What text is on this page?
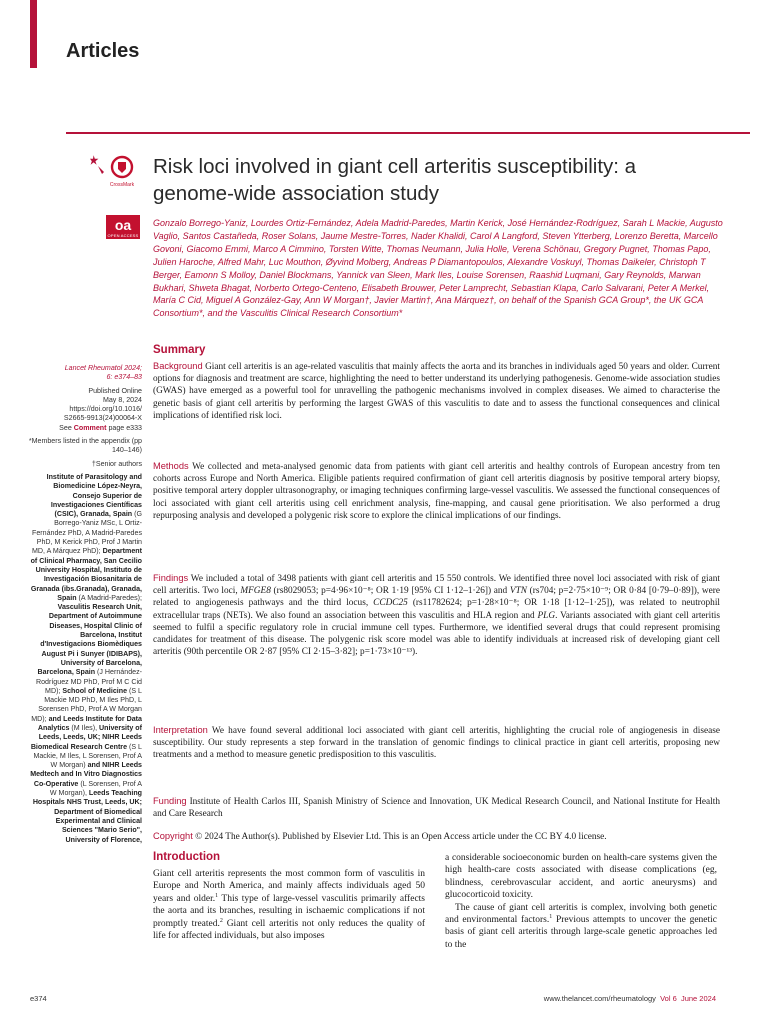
Articles
CrossMark
oa
OPEN ACCESS
Risk loci involved in giant cell arteritis susceptibility: a genome-wide association study
Gonzalo Borrego-Yaniz, Lourdes Ortiz-Fernández, Adela Madrid-Paredes, Martin Kerick, José Hernández-Rodríguez, Sarah L Mackie, Augusto Vaglio, Santos Castañeda, Roser Solans, Jaume Mestre-Torres, Nader Khalidi, Carol A Langford, Steven Ytterberg, Lorenzo Beretta, Marcello Govoni, Giacomo Emmi, Marco A Cimmino, Torsten Witte, Thomas Neumann, Julia Holle, Verena Schönau, Gregory Pugnet, Thomas Papo, Julien Haroche, Alfred Mahr, Luc Mouthon, Øyvind Molberg, Andreas P Diamantopoulos, Alexandre Voskuyl, Thomas Daikeler, Christoph T Berger, Eamonn S Molloy, Daniel Blockmans, Yannick van Sleen, Mark Iles, Louise Sorensen, Raashid Luqmani, Gary Reynolds, Marwan Bukhari, Shweta Bhagat, Norberto Ortego-Centeno, Elisabeth Brouwer, Peter Lamprecht, Sebastian Klapa, Carlo Salvarani, Peter A Merkel, María C Cid, Miguel A González-Gay, Ann W Morgan†, Javier Martin†, Ana Márquez†, on behalf of the Spanish GCA Group*, the UK GCA Consortium*, and the Vasculitis Clinical Research Consortium*
Summary

Lancet Rheumatol 2024;
6: e374–83

Published Online
May 8, 2024
https://doi.org/10.1016/
S2665-9913(24)00064-X
See Comment page e333

*Members listed in the appendix (pp 140–146)

†Senior authors

Institute of Parasitology and Biomedicine López-Neyra, Consejo Superior de Investigaciones Científicas (CSIC), Granada, Spain (G Borrego-Yaniz MSc, L Ortiz-Fernández PhD, A Madrid-Paredes PhD, M Kerick PhD, Prof J Martin MD, A Márquez PhD); Department of Clinical Pharmacy, San Cecilio University Hospital, Instituto de Investigación Biosanitaria de Granada (ibs.Granada), Granada, Spain (A Madrid-Paredes); Vasculitis Research Unit, Department of Autoimmune Diseases, Hospital Clinic of Barcelona, Institut d'Investigacions Biomèdiques August Pi i Sunyer (IDIBAPS), University of Barcelona, Barcelona, Spain (J Hernández-Rodríguez MD PhD, Prof M C Cid MD); School of Medicine (S L Mackie MD PhD, M Iles PhD, L Sorensen PhD, Prof A W Morgan MD); and Leeds Institute for Data Analytics (M Iles), University of Leeds, Leeds, UK; NIHR Leeds Biomedical Research Centre (S L Mackie, M Iles, L Sorensen, Prof A W Morgan) and NIHR Leeds Medtech and In Vitro Diagnostics Co-Operative (L Sorensen, Prof A W Morgan), Leeds Teaching Hospitals NHS Trust, Leeds, UK; Department of Biomedical Experimental and Clinical Sciences "Mario Serio", University of Florence,

Background Giant cell arteritis is an age-related vasculitis that mainly affects the aorta and its branches in individuals aged 50 years and older. Current options for diagnosis and treatment are scarce, highlighting the need to better understand its underlying pathogenesis. Genome-wide association studies (GWAS) have emerged as a powerful tool for unravelling the pathogenic mechanisms involved in complex diseases. We aimed to characterise the genetic basis of giant cell arteritis by performing the largest GWAS of this vasculitis to date and to assess the functional consequences and clinical implications of identified risk loci.
Methods We collected and meta-analysed genomic data from patients with giant cell arteritis and healthy controls of European ancestry from ten cohorts across Europe and North America. Eligible patients required confirmation of giant cell arteritis diagnosis by positive temporal artery biopsy, positive temporal artery doppler ultrasonography, or imaging techniques confirming large-vessel vasculitis. We assessed the functional consequences of loci associated with giant cell arteritis using cell enrichment analysis, fine-mapping, and causal gene prioritisation. We also performed a drug repurposing analysis and developed a polygenic risk score to explore the clinical implications of our findings.
Findings We included a total of 3498 patients with giant cell arteritis and 15 550 controls. We identified three novel loci associated with risk of giant cell arteritis. Two loci, MFGE8 (rs8029053; p=4·96×10⁻⁸; OR 1·19 [95% CI 1·12–1·26]) and VTN (rs704; p=2·75×10⁻⁹; OR 0·84 [0·79–0·89]), were related to angiogenesis pathways and the third locus, CCDC25 (rs11782624; p=1·28×10⁻⁸; OR 1·18 [1·12–1·25]), was related to neutrophil extracellular traps (NETs). We also found an association between this vasculitis and HLA region and PLG. Variants associated with giant cell arteritis seemed to fulfil a specific regulatory role in crucial immune cell types. Furthermore, we identified several drugs that could represent promising candidates for treatment of this disease. The polygenic risk score model was able to identify individuals at increased risk of developing giant cell arteritis (90th percentile OR 2·87 [95% CI 2·15–3·82]; p=1·73×10⁻¹³).
Interpretation We have found several additional loci associated with giant cell arteritis, highlighting the crucial role of angiogenesis in disease susceptibility. Our study represents a step forward in the translation of genomic findings to clinical practice in giant cell arteritis, proposing new treatments and a method to measure genetic predisposition to this vasculitis.
Funding Institute of Health Carlos III, Spanish Ministry of Science and Innovation, UK Medical Research Council, and National Institute for Health and Care Research
Copyright © 2024 The Author(s). Published by Elsevier Ltd. This is an Open Access article under the CC BY 4.0 license.
Introduction

Giant cell arteritis represents the most common form of vasculitis in Europe and North America, and mainly affects individuals aged 50 years and older.$^1$ This type of large-vessel vasculitis primarily affects the aorta and its branches, resulting in ischaemic complications if not promptly treated.$^2$ Giant cell arteritis not only reduces the quality of life for affected individuals, but also imposes

a considerable socioeconomic burden on health-care systems given the high health-care costs associated with disease complications (eg, blindness, cerebrovascular accident, and aortic aneurysms) and glucocorticoid toxicity.

The cause of giant cell arteritis is complex, involving both genetic and environmental factors.$^1$ Previous attempts to uncover the genetic basis of giant cell arteritis through large-scale genetic approaches led to the

e374	www.thelancet.com/rheumatology Vol 6 June 2024
